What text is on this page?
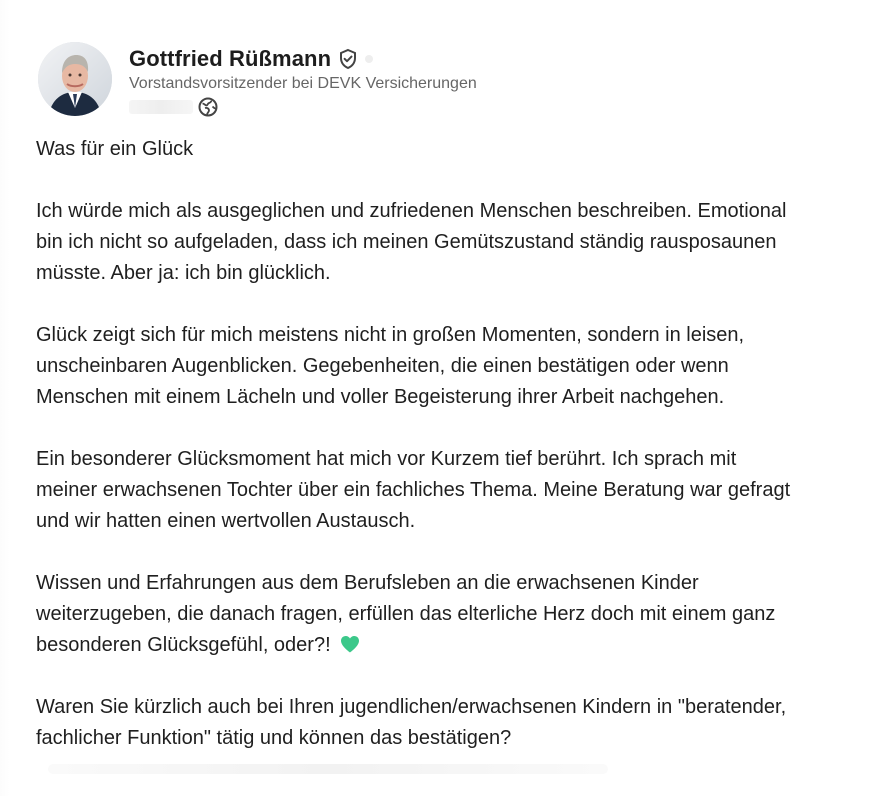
Gottfried Rüßmann
Vorstandsvorsitzender bei DEVK Versicherungen

Was für ein Glück

Ich würde mich als ausgeglichen und zufriedenen Menschen beschreiben. Emotional
bin ich nicht so aufgeladen, dass ich meinen Gemütszustand ständig rausposaunen
müsste. Aber ja: ich bin glücklich.

Glück zeigt sich für mich meistens nicht in großen Momenten, sondern in leisen,
unscheinbaren Augenblicken. Gegebenheiten, die einen bestätigen oder wenn
Menschen mit einem Lächeln und voller Begeisterung ihrer Arbeit nachgehen.

Ein besonderer Glücksmoment hat mich vor Kurzem tief berührt. Ich sprach mit
meiner erwachsenen Tochter über ein fachliches Thema. Meine Beratung war gefragt
und wir hatten einen wertvollen Austausch.

Wissen und Erfahrungen aus dem Berufsleben an die erwachsenen Kinder
weiterzugeben, die danach fragen, erfüllen das elterliche Herz doch mit einem ganz
besonderen Glücksgefühl, oder?!

Waren Sie kürzlich auch bei Ihren jugendlichen/erwachsenen Kindern in "beratender,
fachlicher Funktion" tätig und können das bestätigen?
